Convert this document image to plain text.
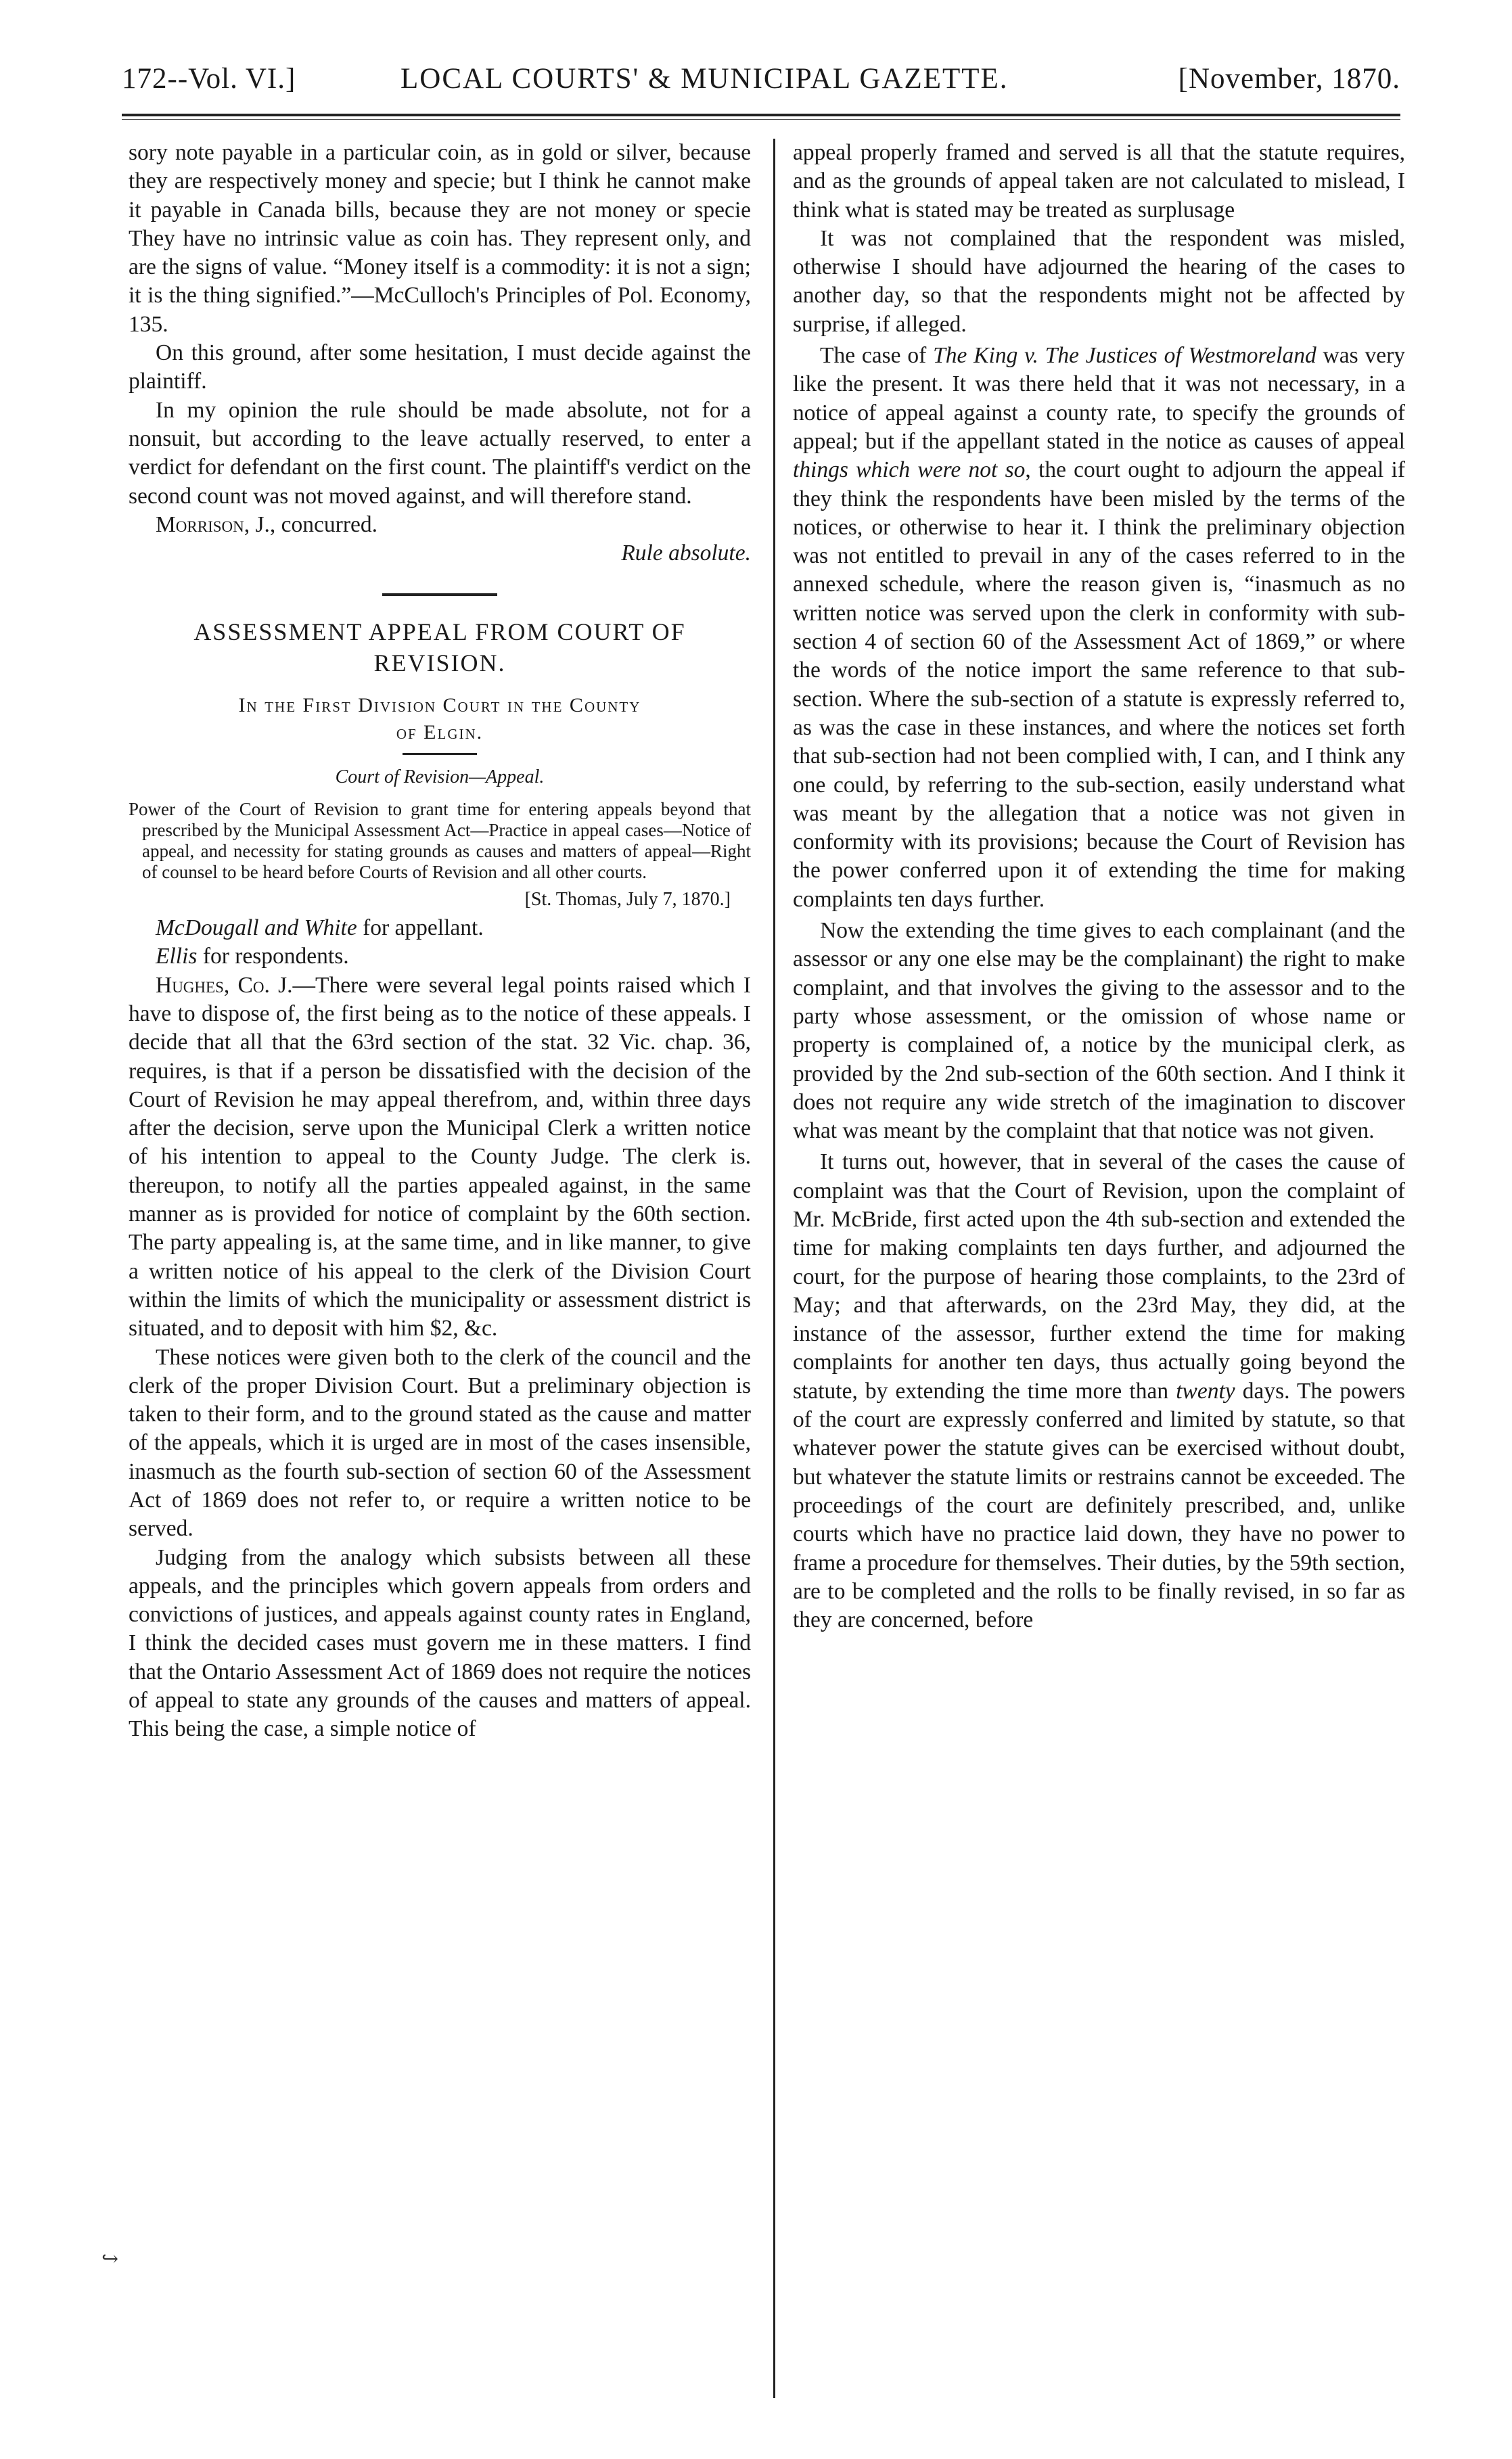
172--Vol. VI.]	LOCAL COURTS' & MUNICIPAL GAZETTE.	[November, 1870.

sory note payable in a particular coin, as in gold or silver, because they are respectively money and specie; but I think he cannot make it payable in Canada bills, because they are not money or specie They have no intrinsic value as coin has. They represent only, and are the signs of value. “Money itself is a commodity: it is not a sign; it is the thing signified.”—McCulloch's Principles of Pol. Economy, 135.

On this ground, after some hesitation, I must decide against the plaintiff.

In my opinion the rule should be made absolute, not for a nonsuit, but according to the leave actually reserved, to enter a verdict for defendant on the first count. The plaintiff's verdict on the second count was not moved against, and will therefore stand.

Morrison, J., concurred.

Rule absolute.

ASSESSMENT APPEAL FROM COURT OF REVISION.
In the First Division Court in the County
of Elgin.
Court of Revision—Appeal.
Power of the Court of Revision to grant time for entering appeals beyond that prescribed by the Municipal Assessment Act—Practice in appeal cases—Notice of appeal, and necessity for stating grounds as causes and matters of appeal—Right of counsel to be heard before Courts of Revision and all other courts.
[St. Thomas, July 7, 1870.]

McDougall and White for appellant.

Ellis for respondents.

Hughes, Co. J.—There were several legal points raised which I have to dispose of, the first being as to the notice of these appeals. I decide that all that the 63rd section of the stat. 32 Vic. chap. 36, requires, is that if a person be dissatisfied with the decision of the Court of Revision he may appeal therefrom, and, within three days after the decision, serve upon the Municipal Clerk a written notice of his intention to appeal to the County Judge. The clerk is. thereupon, to notify all the parties appealed against, in the same manner as is provided for notice of complaint by the 60th section. The party appealing is, at the same time, and in like manner, to give a written notice of his appeal to the clerk of the Division Court within the limits of which the municipality or assessment district is situated, and to deposit with him $2, &c.

These notices were given both to the clerk of the council and the clerk of the proper Division Court. But a preliminary objection is taken to their form, and to the ground stated as the cause and matter of the appeals, which it is urged are in most of the cases insensible, inasmuch as the fourth sub-section of section 60 of the Assessment Act of 1869 does not refer to, or require a written notice to be served.

Judging from the analogy which subsists between all these appeals, and the principles which govern appeals from orders and convictions of justices, and appeals against county rates in England, I think the decided cases must govern me in these matters. I find that the Ontario Assessment Act of 1869 does not require the notices of appeal to state any grounds of the causes and matters of appeal. This being the case, a simple notice of

appeal properly framed and served is all that the statute requires, and as the grounds of appeal taken are not calculated to mislead, I think what is stated may be treated as surplusage

It was not complained that the respondent was misled, otherwise I should have adjourned the hearing of the cases to another day, so that the respondents might not be affected by surprise, if alleged.

The case of The King v. The Justices of Westmoreland was very like the present. It was there held that it was not necessary, in a notice of appeal against a county rate, to specify the grounds of appeal; but if the appellant stated in the notice as causes of appeal things which were not so, the court ought to adjourn the appeal if they think the respondents have been misled by the terms of the notices, or otherwise to hear it. I think the preliminary objection was not entitled to prevail in any of the cases referred to in the annexed schedule, where the reason given is, “inasmuch as no written notice was served upon the clerk in conformity with sub-section 4 of section 60 of the Assessment Act of 1869,” or where the words of the notice import the same reference to that sub-section. Where the sub-section of a statute is expressly referred to, as was the case in these instances, and where the notices set forth that sub-section had not been complied with, I can, and I think any one could, by referring to the sub-section, easily understand what was meant by the allegation that a notice was not given in conformity with its provisions; because the Court of Revision has the power conferred upon it of extending the time for making complaints ten days further.

Now the extending the time gives to each complainant (and the assessor or any one else may be the complainant) the right to make complaint, and that involves the giving to the assessor and to the party whose assessment, or the omission of whose name or property is complained of, a notice by the municipal clerk, as provided by the 2nd sub-section of the 60th section. And I think it does not require any wide stretch of the imagination to discover what was meant by the complaint that that notice was not given.

It turns out, however, that in several of the cases the cause of complaint was that the Court of Revision, upon the complaint of Mr. McBride, first acted upon the 4th sub-section and extended the time for making complaints ten days further, and adjourned the court, for the purpose of hearing those complaints, to the 23rd of May; and that afterwards, on the 23rd May, they did, at the instance of the assessor, further extend the time for making complaints for another ten days, thus actually going beyond the statute, by extending the time more than twenty days. The powers of the court are expressly conferred and limited by statute, so that whatever power the statute gives can be exercised without doubt, but whatever the statute limits or restrains cannot be exceeded. The proceedings of the court are definitely prescribed, and, unlike courts which have no practice laid down, they have no power to frame a procedure for themselves. Their duties, by the 59th section, are to be completed and the rolls to be finally revised, in so far as they are concerned, before

↪
